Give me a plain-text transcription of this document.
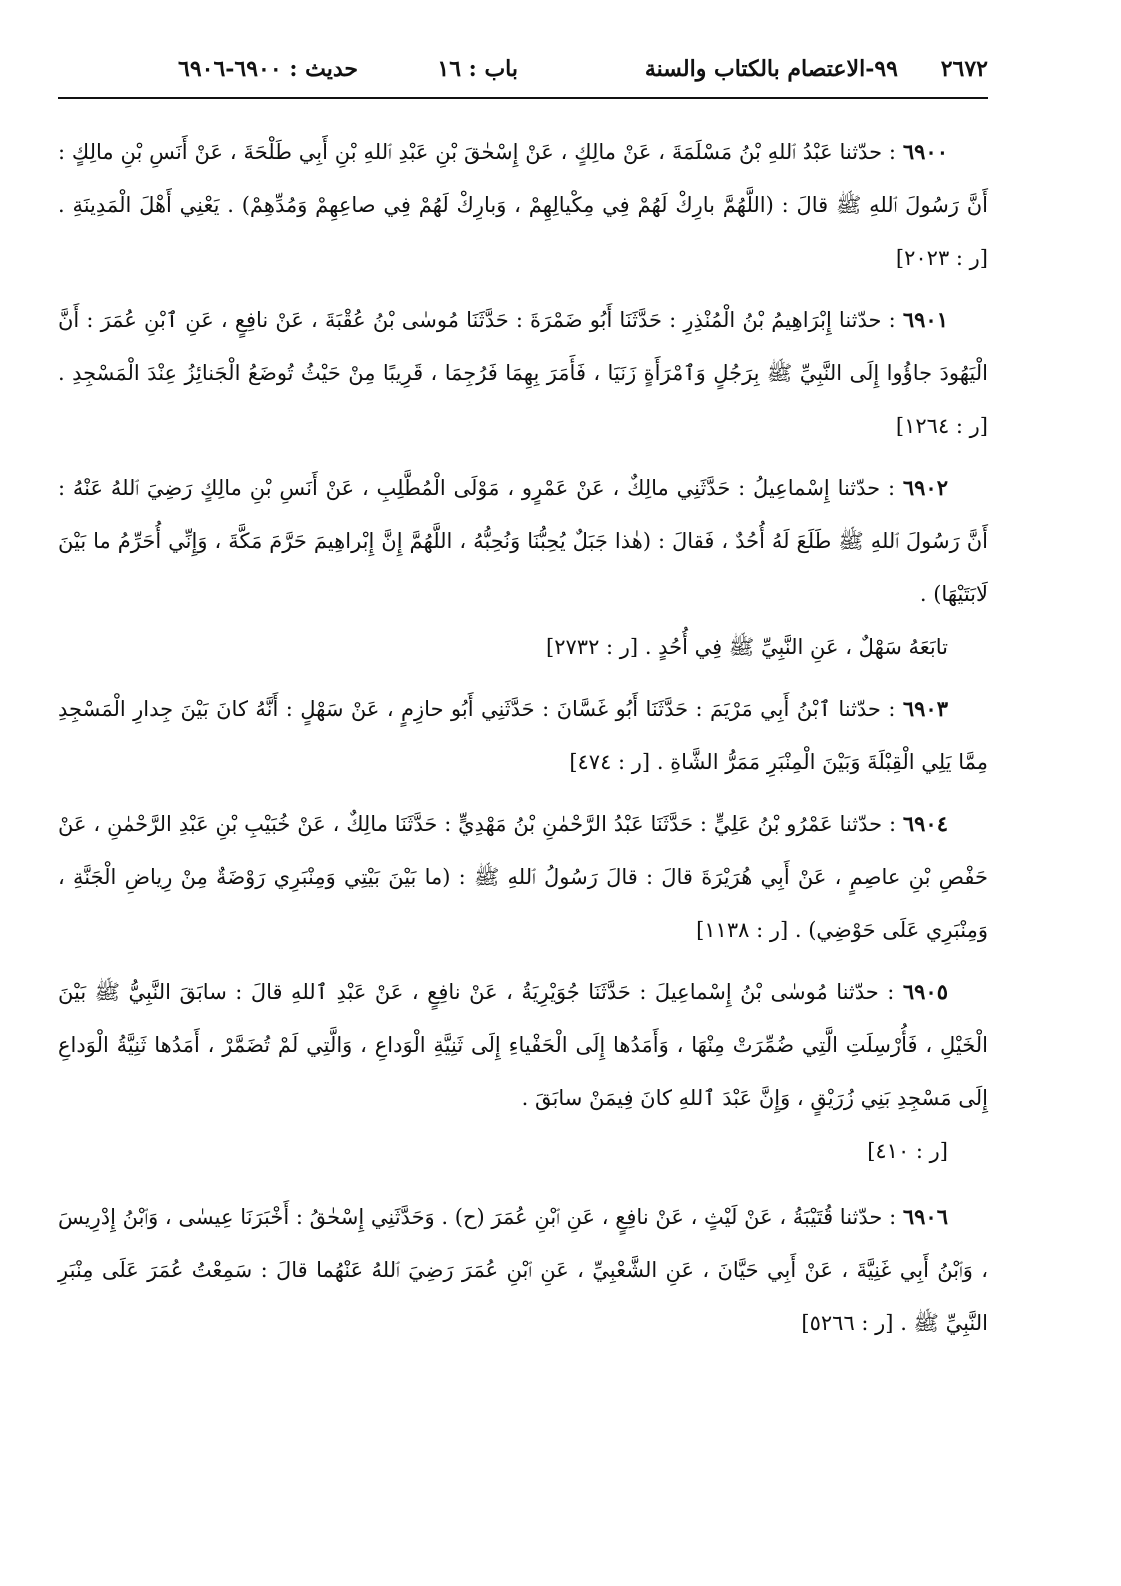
٢٦٧٢
٩٩-الاعتصام بالكتاب والسنة
باب : ١٦
حديث : ٦٩٠٠-٦٩٠٦

٦٩٠٠ : حدّثنا عَبْدُ ٱللهِ بْنُ مَسْلَمَةَ ، عَنْ مالِكٍ ، عَنْ إِسْحٰقَ بْنِ عَبْدِ ٱللهِ بْنِ أَبِي طَلْحَةَ ، عَنْ أَنَسِ بْنِ مالِكٍ : أَنَّ رَسُولَ ٱللهِ ﷺ قالَ : (اللَّهُمَّ بارِكْ لَهُمْ فِي مِكْيالِهِمْ ، وَبارِكْ لَهُمْ فِي صاعِهِمْ وَمُدِّهِمْ) . يَعْنِي أَهْلَ الْمَدِينَةِ . [ر : ٢٠٢٣]

٦٩٠١ : حدّثنا إِبْرَاهِيمُ بْنُ الْمُنْذِرِ : حَدَّثَنَا أَبُو ضَمْرَةَ : حَدَّثَنَا مُوسٰى بْنُ عُقْبَةَ ، عَنْ نافِعٍ ، عَنِ ٱبْنِ عُمَرَ : أَنَّ الْيَهُودَ جاؤُوا إِلَى النَّبِيِّ ﷺ بِرَجُلٍ وَٱمْرَأَةٍ زَنَيَا ، فَأَمَرَ بِهِمَا فَرُجِمَا ، قَرِيبًا مِنْ حَيْثُ تُوضَعُ الْجَنائِزُ عِنْدَ الْمَسْجِدِ . [ر : ١٢٦٤]

٦٩٠٢ : حدّثنا إِسْماعِيلُ : حَدَّثَنِي مالِكٌ ، عَنْ عَمْرٍو ، مَوْلَى الْمُطَّلِبِ ، عَنْ أَنَسِ بْنِ مالِكٍ رَضِيَ ٱللهُ عَنْهُ : أَنَّ رَسُولَ ٱللهِ ﷺ طَلَعَ لَهُ أُحُدٌ ، فَقالَ : (هٰذا جَبَلٌ يُحِبُّنَا وَنُحِبُّهُ ، اللَّهُمَّ إِنَّ إِبْراهِيمَ حَرَّمَ مَكَّةَ ، وَإِنِّي أُحَرِّمُ ما بَيْنَ لَابَتَيْهَا) .

تابَعَهُ سَهْلٌ ، عَنِ النَّبِيِّ ﷺ فِي أُحُدٍ . [ر : ٢٧٣٢]

٦٩٠٣ : حدّثنا ٱبْنُ أَبِي مَرْيَمَ : حَدَّثَنَا أَبُو غَسَّانَ : حَدَّثَنِي أَبُو حازِمٍ ، عَنْ سَهْلٍ : أَنَّهُ كانَ بَيْنَ جِدارِ الْمَسْجِدِ مِمَّا يَلِي الْقِبْلَةَ وَبَيْنَ الْمِنْبَرِ مَمَرُّ الشَّاةِ . [ر : ٤٧٤]

٦٩٠٤ : حدّثنا عَمْرُو بْنُ عَلِيٍّ : حَدَّثَنَا عَبْدُ الرَّحْمٰنِ بْنُ مَهْدِيٍّ : حَدَّثَنَا مالِكٌ ، عَنْ خُبَيْبِ بْنِ عَبْدِ الرَّحْمٰنِ ، عَنْ حَفْصِ بْنِ عاصِمٍ ، عَنْ أَبِي هُرَيْرَةَ قالَ : قالَ رَسُولُ ٱللهِ ﷺ : (ما بَيْنَ بَيْتِي وَمِنْبَرِي رَوْضَةٌ مِنْ رِياضِ الْجَنَّةِ ، وَمِنْبَرِي عَلَى حَوْضِي) . [ر : ١١٣٨]

٦٩٠٥ : حدّثنا مُوسٰى بْنُ إِسْماعِيلَ : حَدَّثَنَا جُوَيْرِيَةُ ، عَنْ نافِعٍ ، عَنْ عَبْدِ ٱللهِ قالَ : سابَقَ النَّبِيُّ ﷺ بَيْنَ الْخَيْلِ ، فَأُرْسِلَتِ الَّتِي ضُمِّرَتْ مِنْهَا ، وَأَمَدُها إِلَى الْحَفْياءِ إِلَى ثَنِيَّةِ الْوَداعِ ، وَالَّتِي لَمْ تُضَمَّرْ ، أَمَدُها ثَنِيَّةُ الْوَداعِ إِلَى مَسْجِدِ بَنِي زُرَيْقٍ ، وَإِنَّ عَبْدَ ٱللهِ كانَ فِيمَنْ سابَقَ .

[ر : ٤١٠]

٦٩٠٦ : حدّثنا قُتَيْبَةُ ، عَنْ لَيْثٍ ، عَنْ نافِعٍ ، عَنِ ٱبْنِ عُمَرَ (ح) . وَحَدَّثَنِي إِسْحٰقُ : أَخْبَرَنَا عِيسٰى ، وَٱبْنُ إِدْرِيسَ ، وَٱبْنُ أَبِي غَنِيَّةَ ، عَنْ أَبِي حَيَّانَ ، عَنِ الشَّعْبِيِّ ، عَنِ ٱبْنِ عُمَرَ رَضِيَ ٱللهُ عَنْهُما قالَ : سَمِعْتُ عُمَرَ عَلَى مِنْبَرِ النَّبِيِّ ﷺ . [ر : ٥٢٦٦]
